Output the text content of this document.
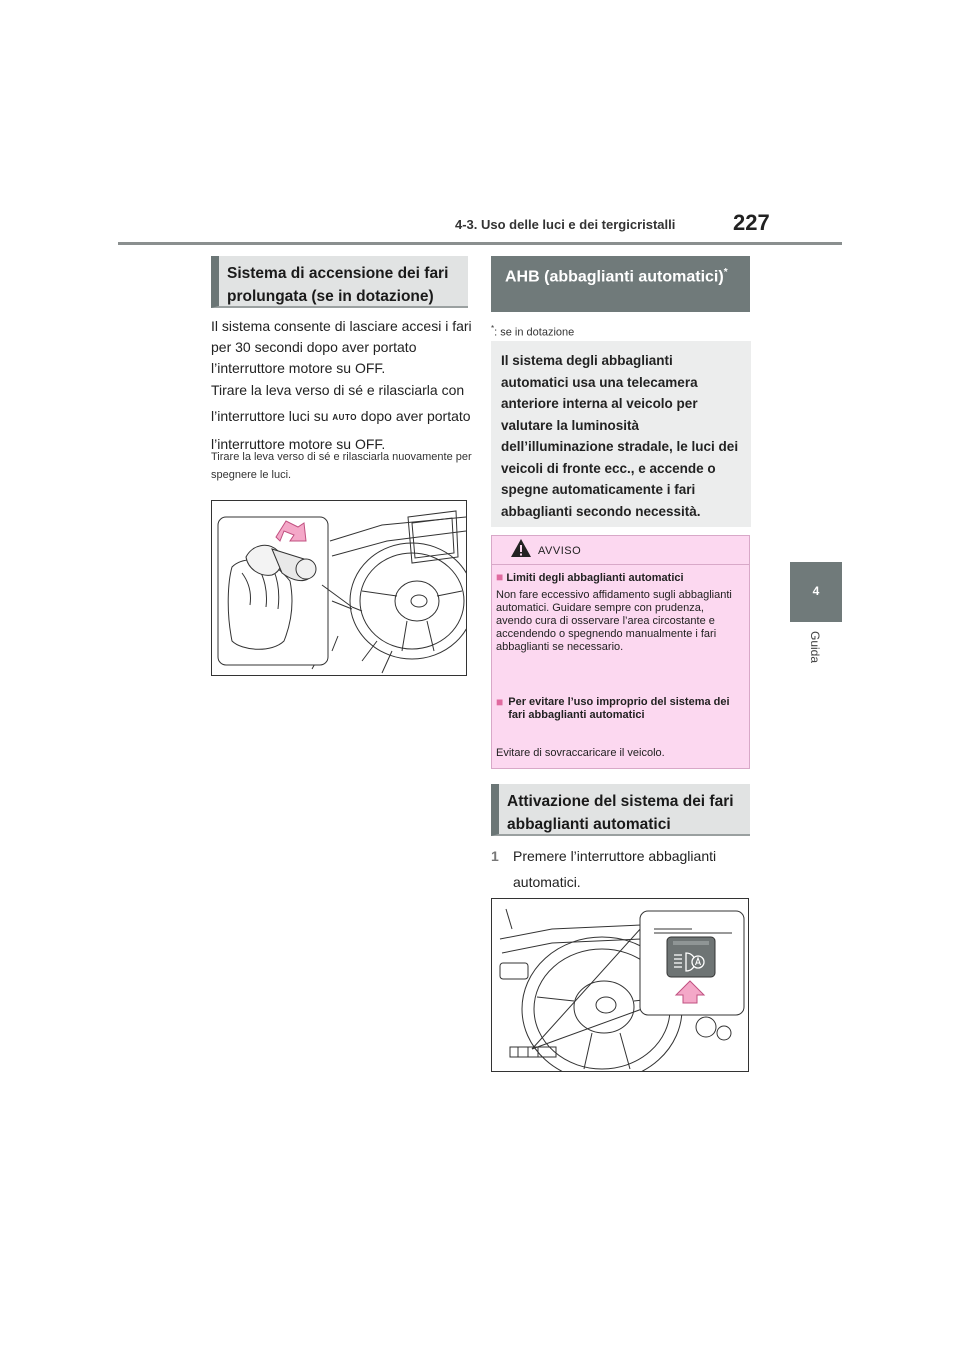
227
4-3. Uso delle luci e dei tergicristalli
4
Guida
Sistema di accensione dei fari prolungata (se in dotazione)
Il sistema consente di lasciare accesi i fari per 30 secondi dopo aver portato l’interruttore motore su OFF.
Tirare la leva verso di sé e rilasciarla con l’interruttore luci su AUTO dopo aver portato l’interruttore motore su OFF.
Tirare la leva verso di sé e rilasciarla nuovamente per spegnere le luci.
AHB (abbaglianti automatici)*
*: se in dotazione
Il sistema degli abbaglianti automatici usa una telecamera anteriore interna al veicolo per valutare la luminosità dell’illuminazione stradale, le luci dei veicoli di fronte ecc., e accende o spegne automaticamente i fari abbaglianti secondo necessità.
AVVISO
■ Limiti degli abbaglianti automatici
Non fare eccessivo affidamento sugli abbaglianti automatici. Guidare sempre con prudenza, avendo cura di osservare l’area circostante e accendendo o spegnendo manualmente i fari abbaglianti se necessario.
■ Per evitare l’uso improprio del sistema dei fari abbaglianti automatici
Evitare di sovraccaricare il veicolo.
Attivazione del sistema dei fari abbaglianti automatici
1	Premere l’interruttore abbaglianti automatici.
